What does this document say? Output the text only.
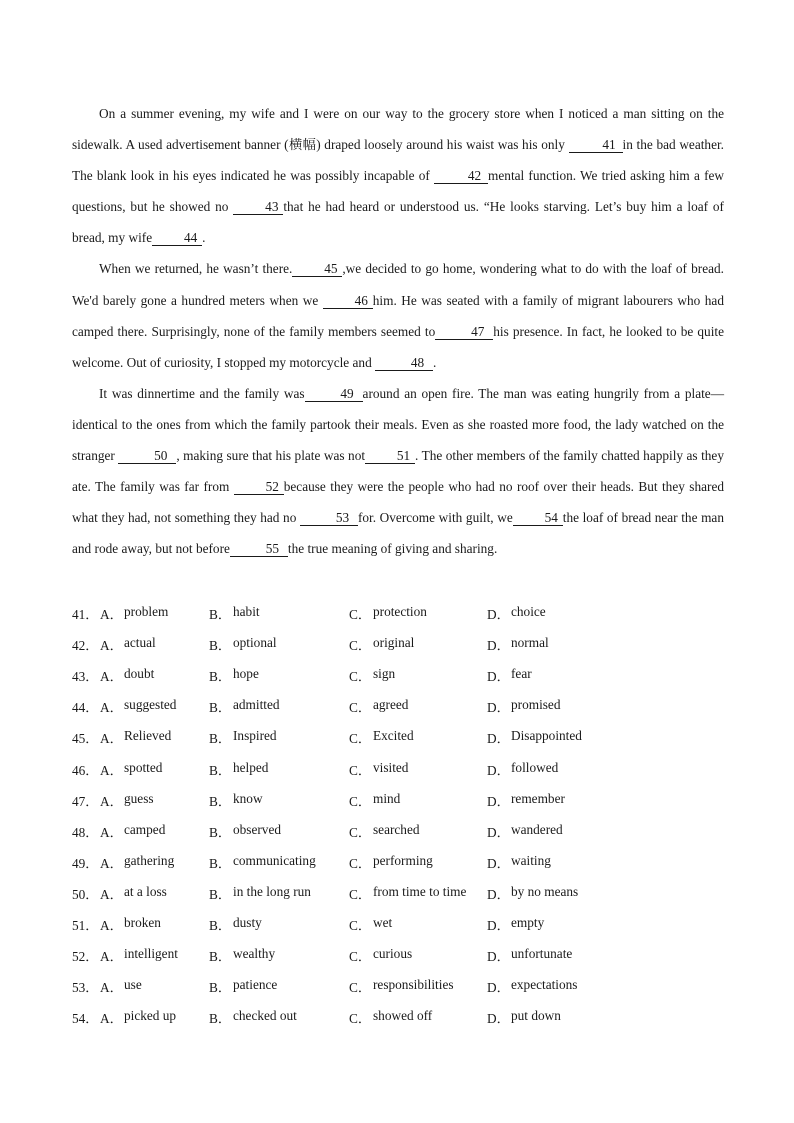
On a summer evening, my wife and I were on our way to the grocery store when I noticed a man sitting on the sidewalk. A used advertisement banner (横幅) draped loosely around his waist was his only	41 in the bad weather. The blank look in his eyes indicated he was possibly incapable of	42 mental function. We tried asking him a few questions, but he showed no 43 that he had heard or understood us. “He looks starving. Let’s buy him a loaf of bread, my wife 44 .

When we returned, he wasn’t there. 45 ,we decided to go home, wondering what to do with the loaf of bread. We'd barely gone a hundred meters when we 46 him. He was seated with a family of migrant labourers who had camped there. Surprisingly, none of the family members seemed to	47 his presence. In fact, he looked to be quite welcome. Out of curiosity, I stopped my motorcycle and	48 .

It was dinnertime and the family was	49 around an open fire. The man was eating hungrily from a plate—identical to the ones from which the family partook their meals. Even as she roasted more food, the lady watched on the stranger	50 , making sure that his plate was not 51 . The other members of the family chatted happily as they ate. The family was far from 52 because they were the people who had no roof over their heads. But they shared what they had, not something they had no	53 for. Overcome with guilt, we 54 the loaf of bread near the man and rode away, but not before	55 the true meaning of giving and sharing.

41． A． problem	B． habit	C． protection	D． choice
42． A． actual	B． optional	C． original	D． normal
43． A． doubt	B． hope	C． sign	D． fear
44． A． suggested B． admitted	C． agreed	D． promised
45． A． Relieved	B． Inspired	C． Excited	D． Disappointed
46． A． spotted	B． helped	C． visited	D． followed
47． A． guess	B． know	C． mind	D． remember
48． A． camped	B． observed	C． searched	D． wandered
49． A． gathering	B． communicating	C． performing	D． waiting
50． A． at a loss	B． in the long run	C． from time to time D． by no means
51． A． broken	B． dusty	C． wet	D． empty
52． A． intelligent B． wealthy	C． curious	D． unfortunate
53． A． use	B． patience	C． responsibilities	D． expectations
54． A． picked up B． checked out	C． showed off	D． put down
